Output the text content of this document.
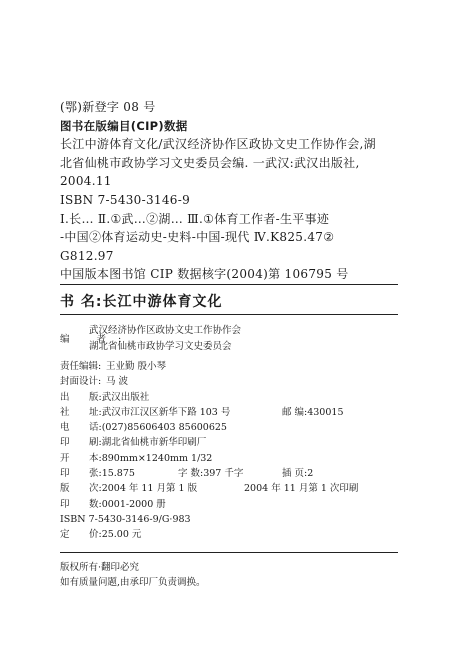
(鄂)新登字 08 号
图书在版编目(CIP)数据
长江中游体育文化/武汉经济协作区政协文史工作协作会,湖
北省仙桃市政协学习文史委员会编. 一武汉:武汉出版社,
2004.11
ISBN 7-5430-3146-9
Ⅰ.长… Ⅱ.①武…②湖… Ⅲ.①体育工作者-生平事迹
-中国②体育运动史-史料-中国-现代 Ⅳ.K825.47②
G812.97
中国版本图书馆 CIP 数据核字(2004)第 106795 号
书 名:长江中游体育文化
编 者:
武汉经济协作区政协文史工作协作会
湖北省仙桃市政协学习文史委员会
责任编辑: 王业勤 殷小琴
封面设计: 马 波
出 版:武汉出版社
社 址:武汉市江汉区新华下路 103 号	邮 编:430015
电 话:(027)85606403 85600625
印 刷:湖北省仙桃市新华印刷厂
开 本:890mm×1240mm 1/32
印 张:15.875	字 数:397 千字	插 页:2
版 次:2004 年 11 月第 1 版	2004 年 11 月第 1 次印刷
印 数:0001-2000 册
ISBN 7-5430-3146-9/G·983
定 价:25.00 元
版权所有·翻印必究
如有质量问题,由承印厂负责调换。
